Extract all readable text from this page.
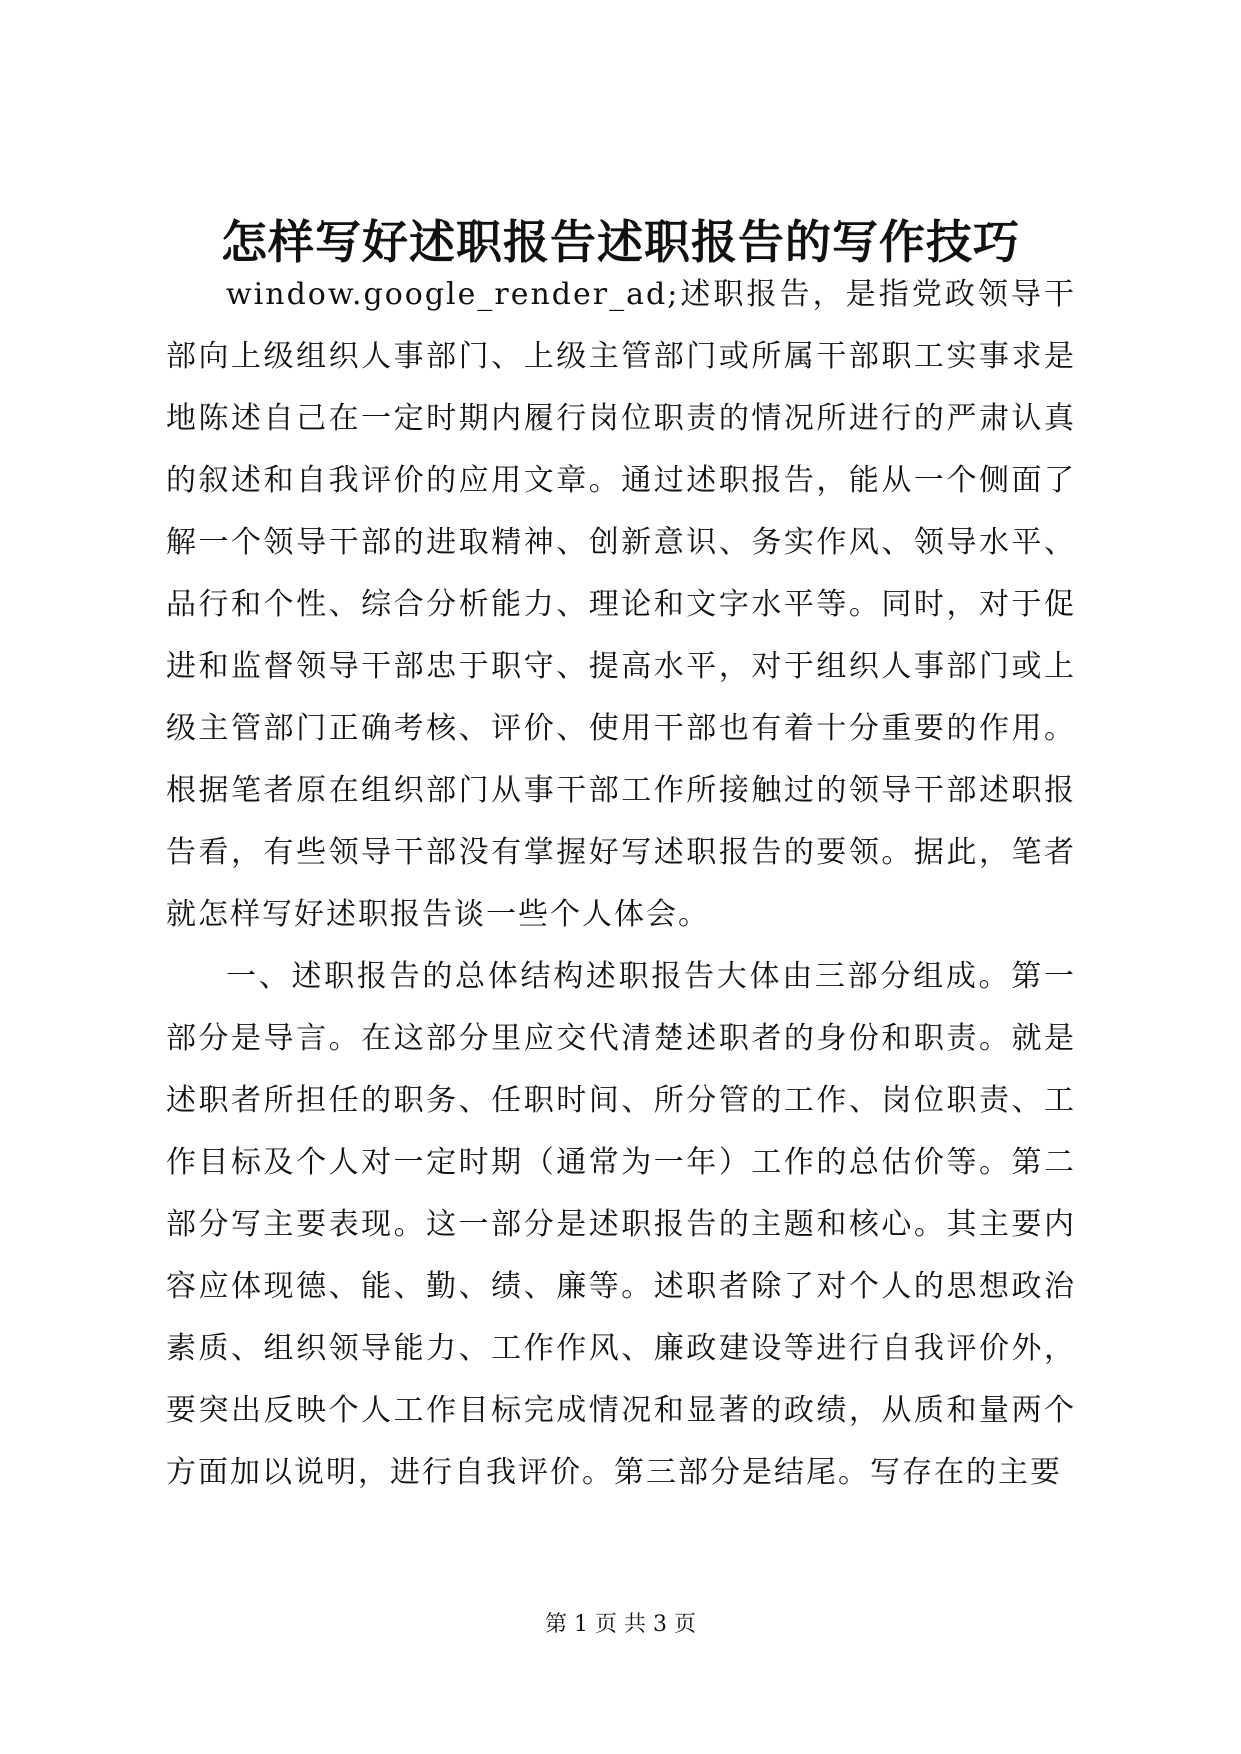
怎样写好述职报告述职报告的写作技巧

window.google_render_ad;述职报告，是指党政领导干部向上级组织人事部门、上级主管部门或所属干部职工实事求是地陈述自己在一定时期内履行岗位职责的情况所进行的严肃认真的叙述和自我评价的应用文章。通过述职报告，能从一个侧面了解一个领导干部的进取精神、创新意识、务实作风、领导水平、品行和个性、综合分析能力、理论和文字水平等。同时，对于促进和监督领导干部忠于职守、提高水平，对于组织人事部门或上级主管部门正确考核、评价、使用干部也有着十分重要的作用。根据笔者原在组织部门从事干部工作所接触过的领导干部述职报告看，有些领导干部没有掌握好写述职报告的要领。据此，笔者就怎样写好述职报告谈一些个人体会。

一、述职报告的总体结构述职报告大体由三部分组成。第一部分是导言。在这部分里应交代清楚述职者的身份和职责。就是述职者所担任的职务、任职时间、所分管的工作、岗位职责、工作目标及个人对一定时期（通常为一年）工作的总估价等。第二部分写主要表现。这一部分是述职报告的主题和核心。其主要内容应体现德、能、勤、绩、廉等。述职者除了对个人的思想政治素质、组织领导能力、工作作风、廉政建设等进行自我评价外，要突出反映个人工作目标完成情况和显著的政绩，从质和量两个方面加以说明，进行自我评价。第三部分是结尾。写存在的主要

第 1 页 共 3 页
